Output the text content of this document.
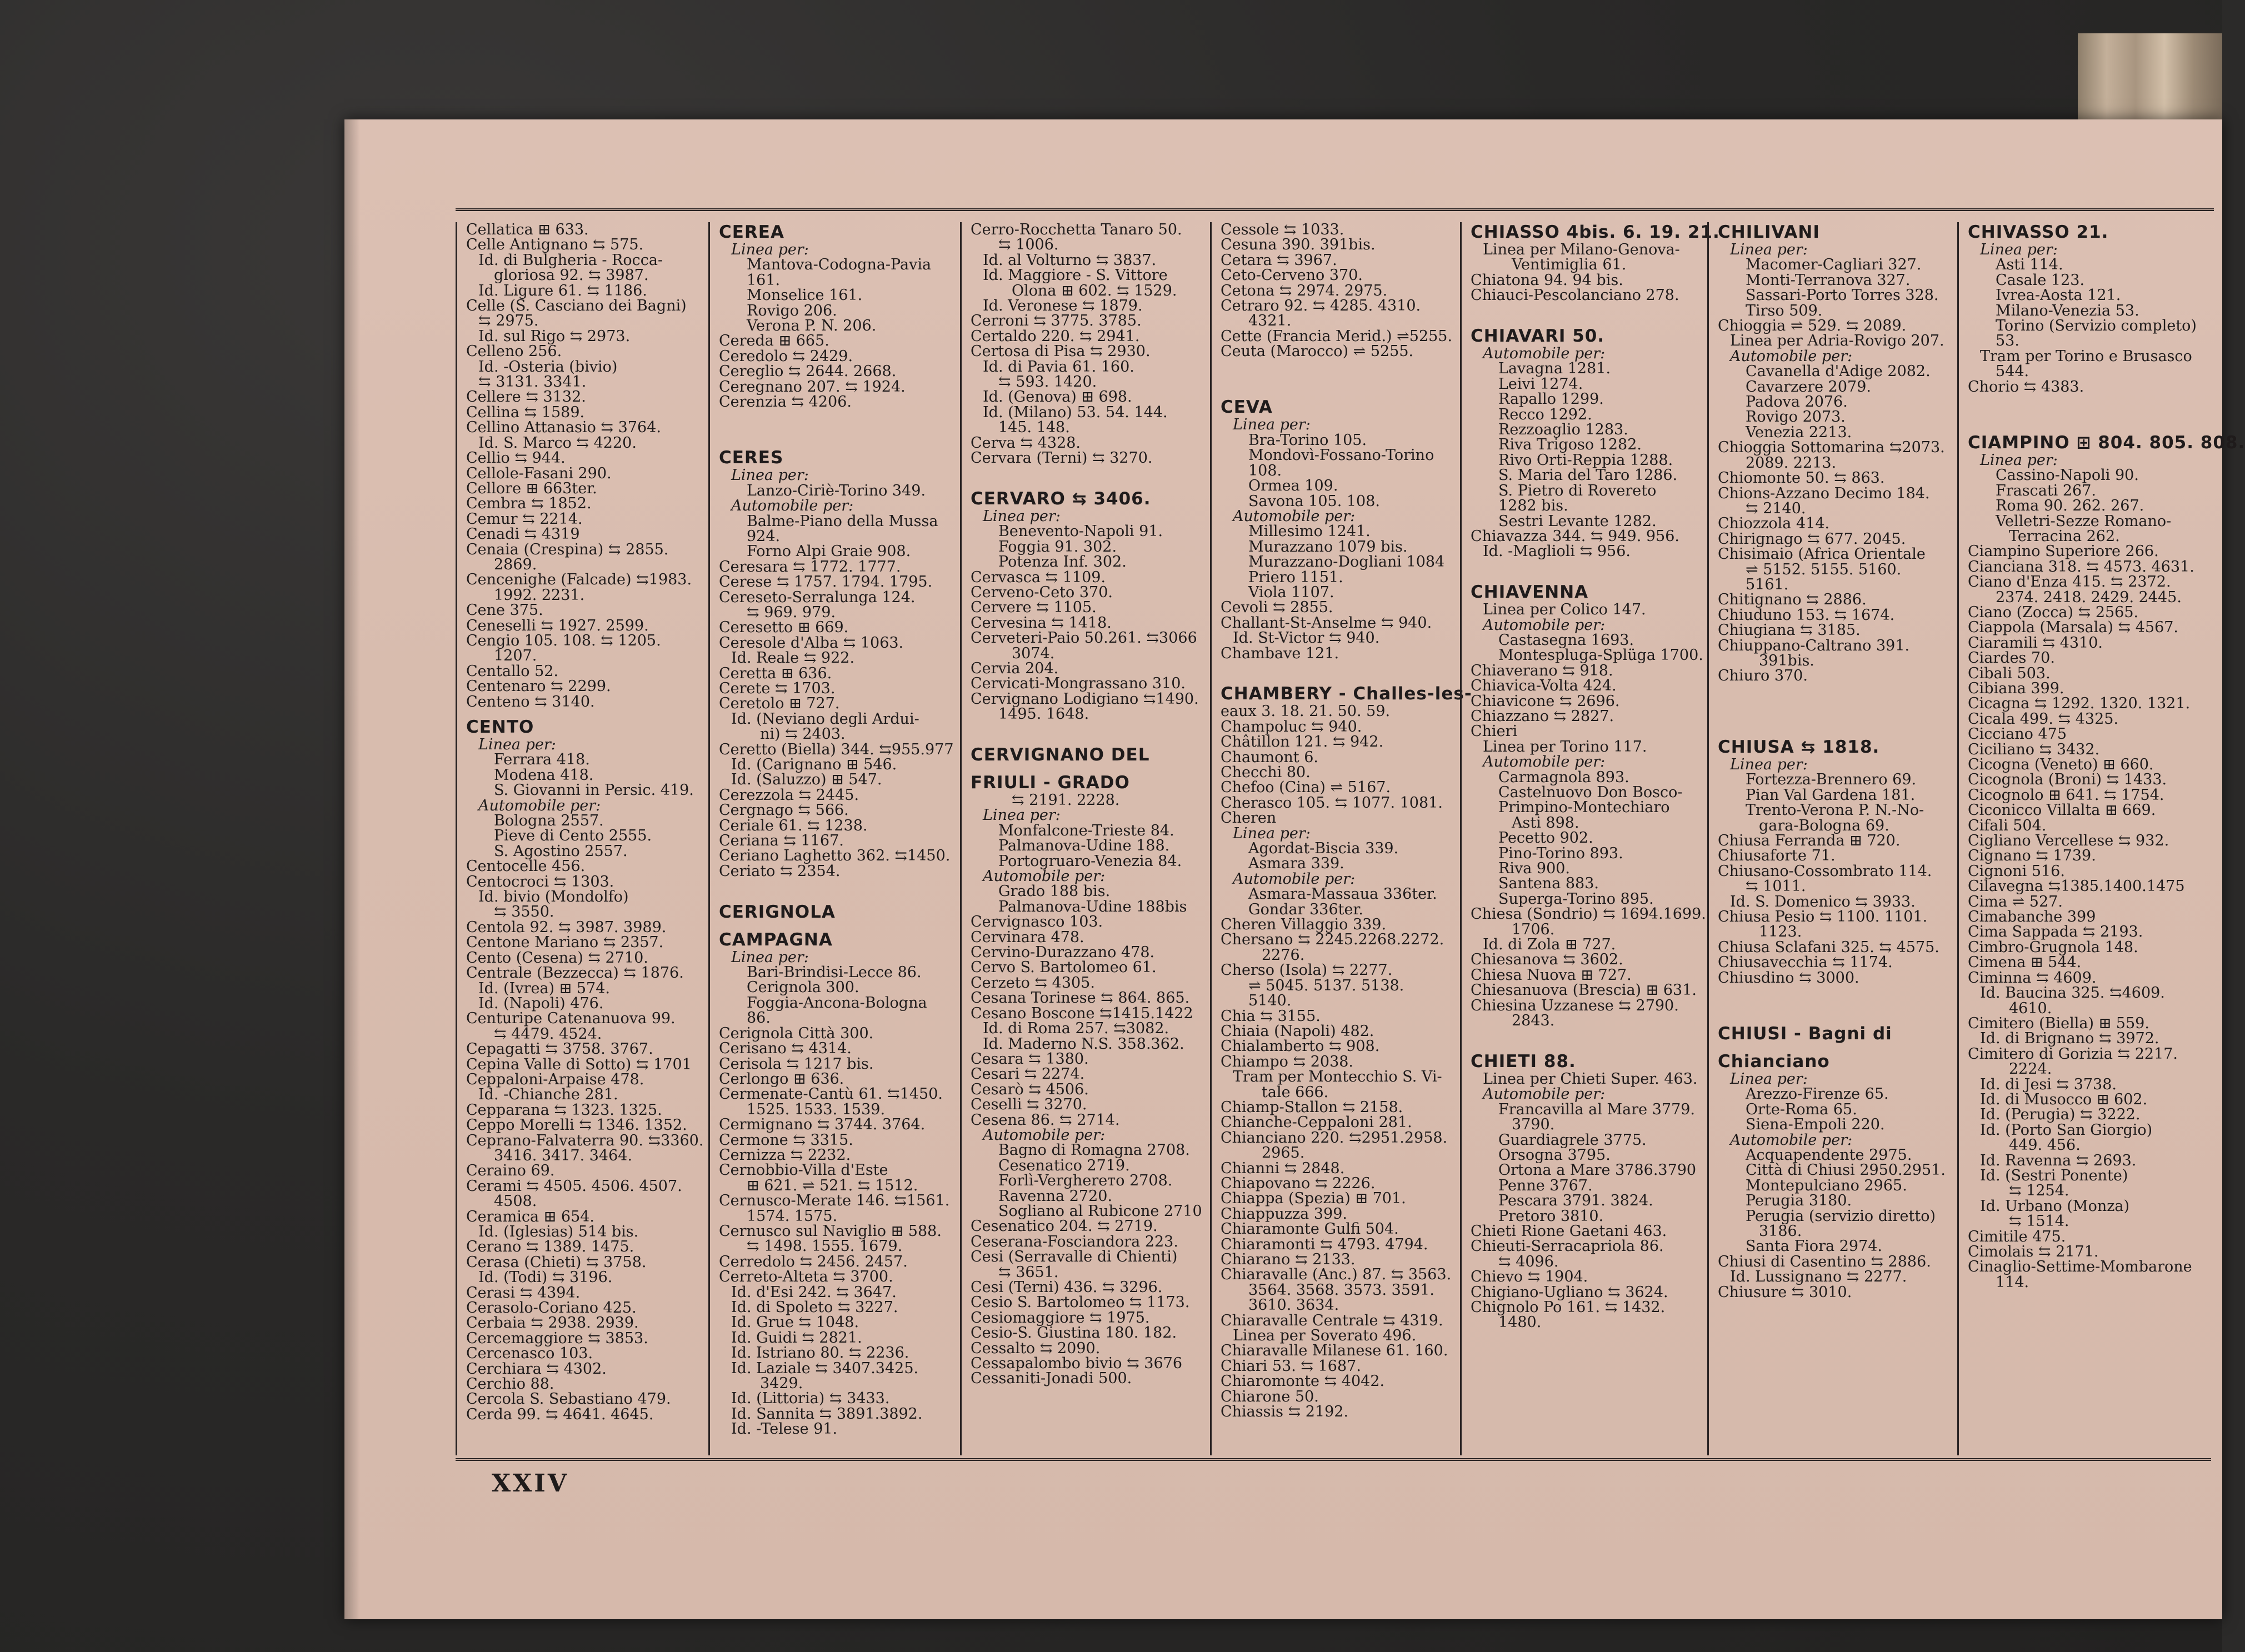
Cellatica ⊞ 633.
Celle Antignano ⇆ 575.
Id. di Bulgheria - Rocca-
gloriosa 92. ⇆ 3987.
Id. Ligure 61. ⇆ 1186.
Celle (S. Casciano dei Bagni)
⇆ 2975.
Id. sul Rigo ⇆ 2973.
Celleno 256.
Id. -Osteria (bivio)
⇆ 3131. 3341.
Cellere ⇆ 3132.
Cellina ⇆ 1589.
Cellino Attanasio ⇆ 3764.
Id. S. Marco ⇆ 4220.
Cellio ⇆ 944.
Cellole-Fasani 290.
Cellore ⊞ 663ter.
Cembra ⇆ 1852.
Cemur ⇆ 2214.
Cenadi ⇆ 4319
Cenaia (Crespina) ⇆ 2855.
2869.
Cencenighe (Falcade) ⇆1983.
1992. 2231.
Cene 375.
Ceneselli ⇆ 1927. 2599.
Cengio 105. 108. ⇆ 1205.
1207.
Centallo 52.
Centenaro ⇆ 2299.
Centeno ⇆ 3140.
CENTO
Linea per:
Ferrara 418.
Modena 418.
S. Giovanni in Persic. 419.
Automobile per:
Bologna 2557.
Pieve di Cento 2555.
S. Agostino 2557.
Centocelle 456.
Centocroci ⇆ 1303.
Id. bivio (Mondolfo)
⇆ 3550.
Centola 92. ⇆ 3987. 3989.
Centone Mariano ⇆ 2357.
Cento (Cesena) ⇆ 2710.
Centrale (Bezzecca) ⇆ 1876.
Id. (Ivrea) ⊞ 574.
Id. (Napoli) 476.
Centuripe Catenanuova 99.
⇆ 4479. 4524.
Cepagatti ⇆ 3758. 3767.
Cepina Valle di Sotto) ⇆ 1701
Ceppaloni-Arpaise 478.
Id. -Chianche 281.
Cepparana ⇆ 1323. 1325.
Ceppo Morelli ⇆ 1346. 1352.
Ceprano-Falvaterra 90. ⇆3360.
3416. 3417. 3464.
Ceraino 69.
Cerami ⇆ 4505. 4506. 4507.
4508.
Ceramica ⊞ 654.
Id. (Iglesias) 514 bis.
Cerano ⇆ 1389. 1475.
Cerasa (Chieti) ⇆ 3758.
Id. (Todi) ⇆ 3196.
Cerasi ⇆ 4394.
Cerasolo-Coriano 425.
Cerbaia ⇆ 2938. 2939.
Cercemaggiore ⇆ 3853.
Cercenasco 103.
Cerchiara ⇆ 4302.
Cerchio 88.
Cercola S. Sebastiano 479.
Cerda 99. ⇆ 4641. 4645.
CEREA
Linea per:
Mantova-Codogna-Pavia
161.
Monselice 161.
Rovigo 206.
Verona P. N. 206.
Cereda ⊞ 665.
Ceredolo ⇆ 2429.
Cereglio ⇆ 2644. 2668.
Ceregnano 207. ⇆ 1924.
Cerenzia ⇆ 4206.

CERES
Linea per:
Lanzo-Ciriè-Torino 349.
Automobile per:
Balme-Piano della Mussa
924.
Forno Alpi Graie 908.
Ceresara ⇆ 1772. 1777.
Cerese ⇆ 1757. 1794. 1795.
Cereseto-Serralunga 124.
⇆ 969. 979.
Ceresetto ⊞ 669.
Ceresole d'Alba ⇆ 1063.
Id. Reale ⇆ 922.
Ceretta ⊞ 636.
Cerete ⇆ 1703.
Ceretolo ⊞ 727.
Id. (Neviano degli Ardui-
ni) ⇆ 2403.
Ceretto (Biella) 344. ⇆955.977
Id. (Carignano ⊞ 546.
Id. (Saluzzo) ⊞ 547.
Cerezzola ⇆ 2445.
Cergnago ⇆ 566.
Ceriale 61. ⇆ 1238.
Ceriana ⇆ 1167.
Ceriano Laghetto 362. ⇆1450.
Ceriato ⇆ 2354.

CERIGNOLA
CAMPAGNA
Linea per:
Bari-Brindisi-Lecce 86.
Cerignola 300.
Foggia-Ancona-Bologna
86.
Cerignola Città 300.
Cerisano ⇆ 4314.
Cerisola ⇆ 1217 bis.
Cerlongo ⊞ 636.
Cermenate-Cantù 61. ⇆1450.
1525. 1533. 1539.
Cermignano ⇆ 3744. 3764.
Cermone ⇆ 3315.
Cernizza ⇆ 2232.
Cernobbio-Villa d'Este
⊞ 621. ⇌ 521. ⇆ 1512.
Cernusco-Merate 146. ⇆1561.
1574. 1575.
Cernusco sul Naviglio ⊞ 588.
⇆ 1498. 1555. 1679.
Cerredolo ⇆ 2456. 2457.
Cerreto-Alteta ⇆ 3700.
Id. d'Esi 242. ⇆ 3647.
Id. di Spoleto ⇆ 3227.
Id. Grue ⇆ 1048.
Id. Guidi ⇆ 2821.
Id. Istriano 80. ⇆ 2236.
Id. Laziale ⇆ 3407.3425.
3429.
Id. (Littoria) ⇆ 3433.
Id. Sannita ⇆ 3891.3892.
Id. -Telese 91.
Cerro-Rocchetta Tanaro 50.
⇆ 1006.
Id. al Volturno ⇆ 3837.
Id. Maggiore - S. Vittore
Olona ⊞ 602. ⇆ 1529.
Id. Veronese ⇆ 1879.
Cerroni ⇆ 3775. 3785.
Certaldo 220. ⇆ 2941.
Certosa di Pisa ⇆ 2930.
Id. di Pavia 61. 160.
⇆ 593. 1420.
Id. (Genova) ⊞ 698.
Id. (Milano) 53. 54. 144.
145. 148.
Cerva ⇆ 4328.
Cervara (Terni) ⇆ 3270.

CERVARO ⇆ 3406.
Linea per:
Benevento-Napoli 91.
Foggia 91. 302.
Potenza Inf. 302.
Cervasca ⇆ 1109.
Cerveno-Ceto 370.
Cervere ⇆ 1105.
Cervesina ⇆ 1418.
Cerveteri-Paio 50.261. ⇆3066
3074.
Cervia 204.
Cervicati-Mongrassano 310.
Cervignano Lodigiano ⇆1490.
1495. 1648.

CERVIGNANO DEL
FRIULI - GRADO
⇆ 2191. 2228.
Linea per:
Monfalcone-Trieste 84.
Palmanova-Udine 188.
Portogruaro-Venezia 84.
Automobile per:
Grado 188 bis.
Palmanova-Udine 188bis
Cervignasco 103.
Cervinara 478.
Cervino-Durazzano 478.
Cervo S. Bartolomeo 61.
Cerzeto ⇆ 4305.
Cesana Torinese ⇆ 864. 865.
Cesano Boscone ⇆1415.1422
Id. di Roma 257. ⇆3082.
Id. Maderno N.S. 358.362.
Cesara ⇆ 1380.
Cesari ⇆ 2274.
Cesarò ⇆ 4506.
Ceselli ⇆ 3270.
Cesena 86. ⇆ 2714.
Automobile per:
Bagno di Romagna 2708.
Cesenatico 2719.
Forlì-Vergherето 2708.
Ravenna 2720.
Sogliano al Rubicone 2710
Cesenatico 204. ⇆ 2719.
Ceserana-Fosciandora 223.
Cesi (Serravalle di Chienti)
⇆ 3651.
Cesi (Terni) 436. ⇆ 3296.
Cesio S. Bartolomeo ⇆ 1173.
Cesiomaggiore ⇆ 1975.
Cesio-S. Giustina 180. 182.
Cessalto ⇆ 2090.
Cessapalombo bivio ⇆ 3676
Cessaniti-Jonadi 500.
Cessole ⇆ 1033.
Cesuna 390. 391bis.
Cetara ⇆ 3967.
Ceto-Cerveno 370.
Cetona ⇆ 2974. 2975.
Cetraro 92. ⇆ 4285. 4310.
4321.
Cette (Francia Merid.) ⇌5255.
Ceuta (Marocco) ⇌ 5255.

CEVA
Linea per:
Bra-Torino 105.
Mondovì-Fossano-Torino
108.
Ormea 109.
Savona 105. 108.
Automobile per:
Millesimo 1241.
Murazzano 1079 bis.
Murazzano-Dogliani 1084
Priero 1151.
Viola 1107.
Cevoli ⇆ 2855.
Challant-St-Anselme ⇆ 940.
Id. St-Victor ⇆ 940.
Chambave 121.

CHAMBERY - Challes-les-
eaux 3. 18. 21. 50. 59.
Champoluc ⇆ 940.
Châtillon 121. ⇆ 942.
Chaumont 6.
Checchi 80.
Chefoo (Cina) ⇌ 5167.
Cherasco 105. ⇆ 1077. 1081.
Cheren
Linea per:
Agordat-Biscia 339.
Asmara 339.
Automobile per:
Asmara-Massaua 336ter.
Gondar 336ter.
Cheren Villaggio 339.
Chersano ⇆ 2245.2268.2272.
2276.
Cherso (Isola) ⇆ 2277.
⇌ 5045. 5137. 5138.
5140.
Chia ⇆ 3155.
Chiaia (Napoli) 482.
Chialamberto ⇆ 908.
Chiampo ⇆ 2038.
Tram per Montecchio S. Vi-
tale 666.
Chiamp-Stallon ⇆ 2158.
Chianche-Ceppaloni 281.
Chianciano 220. ⇆2951.2958.
2965.
Chianni ⇆ 2848.
Chiapovano ⇆ 2226.
Chiappa (Spezia) ⊞ 701.
Chiappuzza 399.
Chiaramonte Gulfi 504.
Chiaramonti ⇆ 4793. 4794.
Chiarano ⇆ 2133.
Chiaravalle (Anc.) 87. ⇆ 3563.
3564. 3568. 3573. 3591.
3610. 3634.
Chiaravalle Centrale ⇆ 4319.
Linea per Soverato 496.
Chiaravalle Milanese 61. 160.
Chiari 53. ⇆ 1687.
Chiaromonte ⇆ 4042.
Chiarone 50.
Chiassis ⇆ 2192.
CHIASSO 4bis. 6. 19. 21.
Linea per Milano-Genova-
Ventimiglia 61.
Chiatona 94. 94 bis.
Chiauci-Pescolanciano 278.

CHIAVARI 50.
Automobile per:
Lavagna 1281.
Leivi 1274.
Rapallo 1299.
Recco 1292.
Rezzoaglio 1283.
Riva Trigoso 1282.
Rivo Orti-Reppia 1288.
S. Maria del Taro 1286.
S. Pietro di Rovereto
1282 bis.
Sestri Levante 1282.
Chiavazza 344. ⇆ 949. 956.
Id. -Maglioli ⇆ 956.

CHIAVENNA
Linea per Colico 147.
Automobile per:
Castasegna 1693.
Montespluga-Splüga 1700.
Chiaverano ⇆ 918.
Chiavica-Volta 424.
Chiavicone ⇆ 2696.
Chiazzano ⇆ 2827.
Chieri
Linea per Torino 117.
Automobile per:
Carmagnola 893.
Castelnuovo Don Bosco-
Primpino-Montechiaro
Asti 898.
Pecetto 902.
Pino-Torino 893.
Riva 900.
Santena 883.
Superga-Torino 895.
Chiesa (Sondrio) ⇆ 1694.1699.
1706.
Id. di Zola ⊞ 727.
Chiesanova ⇆ 3602.
Chiesa Nuova ⊞ 727.
Chiesanuova (Brescia) ⊞ 631.
Chiesina Uzzanese ⇆ 2790.
2843.

CHIETI 88.
Linea per Chieti Super. 463.
Automobile per:
Francavilla al Mare 3779.
3790.
Guardiagrele 3775.
Orsogna 3795.
Ortona a Mare 3786.3790
Penne 3767.
Pescara 3791. 3824.
Pretoro 3810.
Chieti Rione Gaetani 463.
Chieuti-Serracapriola 86.
⇆ 4096.
Chievo ⇆ 1904.
Chigiano-Ugliano ⇆ 3624.
Chignolo Po 161. ⇆ 1432.
1480.
CHILIVANI
Linea per:
Macomer-Cagliari 327.
Monti-Terranova 327.
Sassari-Porto Torres 328.
Tirso 509.
Chioggia ⇌ 529. ⇆ 2089.
Linea per Adria-Rovigo 207.
Automobile per:
Cavanella d'Adige 2082.
Cavarzere 2079.
Padova 2076.
Rovigo 2073.
Venezia 2213.
Chioggia Sottomarina ⇆2073.
2089. 2213.
Chiomonte 50. ⇆ 863.
Chions-Azzano Decimo 184.
⇆ 2140.
Chiozzola 414.
Chirignago ⇆ 677. 2045.
Chisimaio (Africa Orientale
⇌ 5152. 5155. 5160.
5161.
Chitignano ⇆ 2886.
Chiuduno 153. ⇆ 1674.
Chiugiana ⇆ 3185.
Chiuppano-Caltrano 391.
391bis.
Chiuro 370.

CHIUSA ⇆ 1818.
Linea per:
Fortezza-Brennero 69.
Pian Val Gardena 181.
Trento-Verona P. N.-No-
gara-Bologna 69.
Chiusa Ferranda ⊞ 720.
Chiusaforte 71.
Chiusano-Cossombrato 114.
⇆ 1011.
Id. S. Domenico ⇆ 3933.
Chiusa Pesio ⇆ 1100. 1101.
1123.
Chiusa Sclafani 325. ⇆ 4575.
Chiusavecchia ⇆ 1174.
Chiusdino ⇆ 3000.

CHIUSI - Bagni di
Chianciano
Linea per:
Arezzo-Firenze 65.
Orte-Roma 65.
Siena-Empoli 220.
Automobile per:
Acquapendente 2975.
Città di Chiusi 2950.2951.
Montepulciano 2965.
Perugia 3180.
Perugia (servizio diretto)
3186.
Santa Fiora 2974.
Chiusi di Casentino ⇆ 2886.
Id. Lussignano ⇆ 2277.
Chiusure ⇆ 3010.
CHIVASSO 21.
Linea per:
Asti 114.
Casale 123.
Ivrea-Aosta 121.
Milano-Venezia 53.
Torino (Servizio completo)
53.
Tram per Torino e Brusasco
544.
Chorio ⇆ 4383.

CIAMPINO ⊞ 804. 805. 808.
Linea per:
Cassino-Napoli 90.
Frascati 267.
Roma 90. 262. 267.
Velletri-Sezze Romano-
Terracina 262.
Ciampino Superiore 266.
Cianciana 318. ⇆ 4573. 4631.
Ciano d'Enza 415. ⇆ 2372.
2374. 2418. 2429. 2445.
Ciano (Zocca) ⇆ 2565.
Ciappola (Marsala) ⇆ 4567.
Ciaramili ⇆ 4310.
Ciardes 70.
Cibali 503.
Cibiana 399.
Cicagna ⇆ 1292. 1320. 1321.
Cicala 499. ⇆ 4325.
Cicciano 475
Ciciliano ⇆ 3432.
Cicogna (Veneto) ⊞ 660.
Cicognola (Broni) ⇆ 1433.
Cicognolo ⊞ 641. ⇆ 1754.
Ciconicco Villalta ⊞ 669.
Cifali 504.
Cigliano Vercellese ⇆ 932.
Cignano ⇆ 1739.
Cignoni 516.
Cilavegna ⇆1385.1400.1475
Cima ⇌ 527.
Cimabanche 399
Cima Sappada ⇆ 2193.
Cimbro-Grugnola 148.
Cimena ⊞ 544.
Ciminna ⇆ 4609.
Id. Baucina 325. ⇆4609.
4610.
Cimitero (Biella) ⊞ 559.
Id. di Brignano ⇆ 3972.
Cimitero di Gorizia ⇆ 2217.
2224.
Id. di Jesi ⇆ 3738.
Id. di Musocco ⊞ 602.
Id. (Perugia) ⇆ 3222.
Id. (Porto San Giorgio)
449. 456.
Id. Ravenna ⇆ 2693.
Id. (Sestri Ponente)
⇆ 1254.
Id. Urbano (Monza)
⇆ 1514.
Cimitile 475.
Cimolais ⇆ 2171.
Cinaglio-Settime-Mombarone
114.
XXIV
